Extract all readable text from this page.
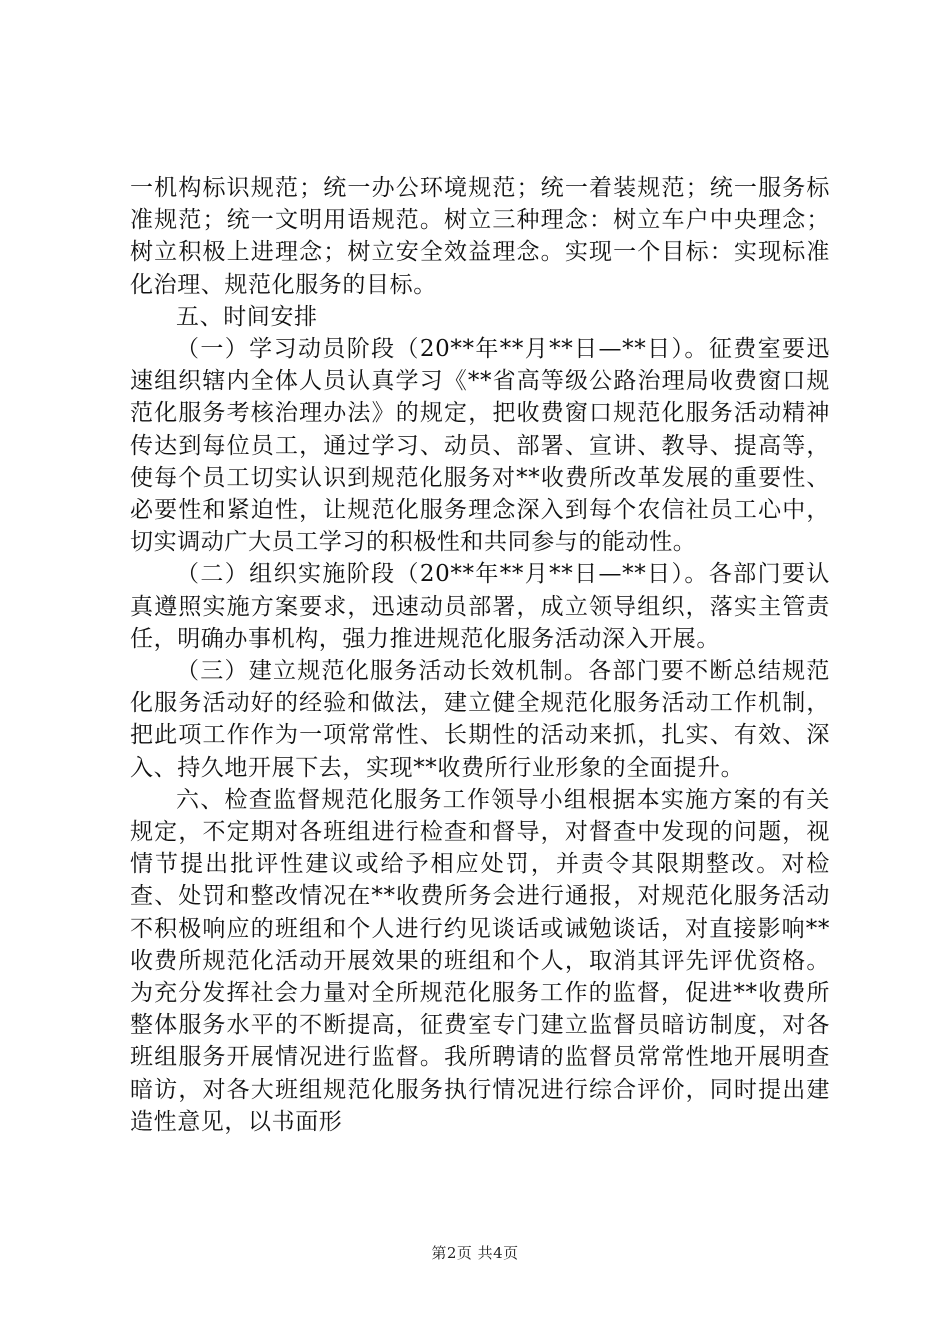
一机构标识规范；统一办公环境规范；统一着装规范；统一服务标准规范；统一文明用语规范。树立三种理念：树立车户中央理念；树立积极上进理念；树立安全效益理念。实现一个目标：实现标准化治理、规范化服务的目标。

五、时间安排

（一）学习动员阶段（20**年**月**日—**日）。征费室要迅速组织辖内全体人员认真学习《**省高等级公路治理局收费窗口规范化服务考核治理办法》的规定，把收费窗口规范化服务活动精神传达到每位员工，通过学习、动员、部署、宣讲、教导、提高等，使每个员工切实认识到规范化服务对**收费所改革发展的重要性、必要性和紧迫性，让规范化服务理念深入到每个农信社员工心中，切实调动广大员工学习的积极性和共同参与的能动性。

（二）组织实施阶段（20**年**月**日—**日）。各部门要认真遵照实施方案要求，迅速动员部署，成立领导组织，落实主管责任，明确办事机构，强力推进规范化服务活动深入开展。

（三）建立规范化服务活动长效机制。各部门要不断总结规范化服务活动好的经验和做法，建立健全规范化服务活动工作机制，把此项工作作为一项常常性、长期性的活动来抓，扎实、有效、深入、持久地开展下去，实现**收费所行业形象的全面提升。

六、检查监督规范化服务工作领导小组根据本实施方案的有关规定，不定期对各班组进行检查和督导，对督查中发现的问题，视情节提出批评性建议或给予相应处罚，并责令其限期整改。对检查、处罚和整改情况在**收费所务会进行通报，对规范化服务活动不积极响应的班组和个人进行约见谈话或诫勉谈话，对直接影响**收费所规范化活动开展效果的班组和个人，取消其评先评优资格。为充分发挥社会力量对全所规范化服务工作的监督，促进**收费所整体服务水平的不断提高，征费室专门建立监督员暗访制度，对各班组服务开展情况进行监督。我所聘请的监督员常常性地开展明查暗访，对各大班组规范化服务执行情况进行综合评价，同时提出建造性意见，以书面形

第2页 共4页
